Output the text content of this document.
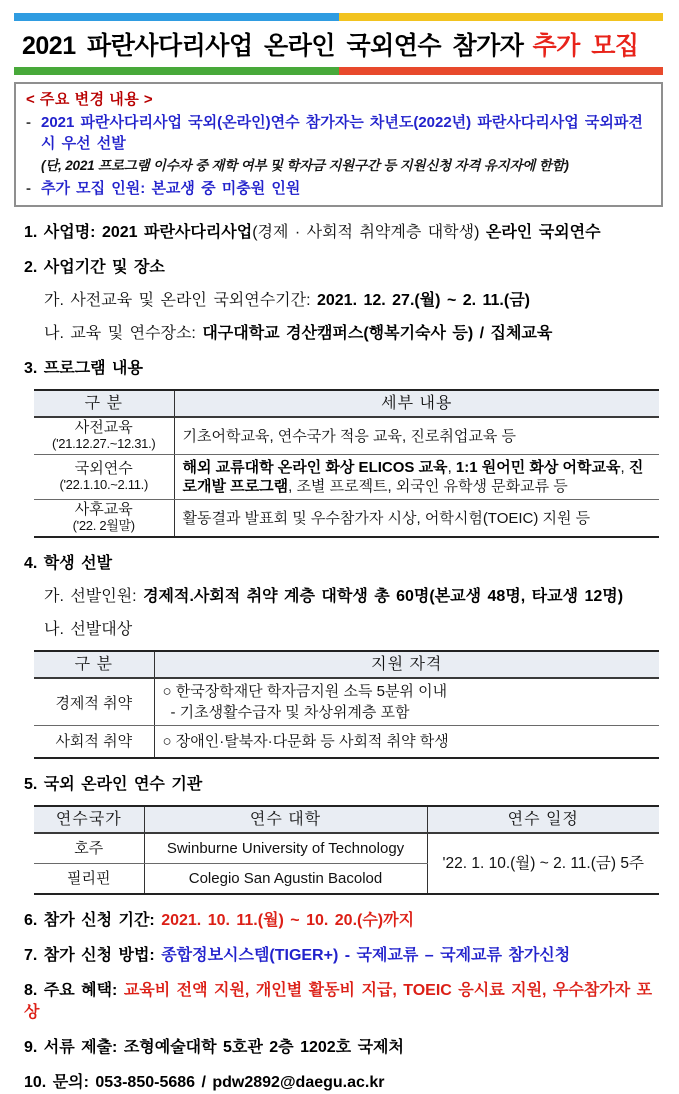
2021 파란사다리사업 온라인 국외연수 참가자 추가 모집
< 주요 변경 내용 >
- 2021 파란사다리사업 국외(온라인)연수 참가자는 차년도(2022년) 파란사다리사업 국외파견 시 우선 선발
(단, 2021 프로그램 이수자 중 재학 여부 및 학자금 지원구간 등 지원신청 자격 유지자에 한함)
- 추가 모집 인원: 본교생 중 미충원 인원
1. 사업명: 2021 파란사다리사업(경제 · 사회적 취약계층 대학생) 온라인 국외연수
2. 사업기간 및 장소
가. 사전교육 및 온라인 국외연수기간: 2021. 12. 27.(월) ~ 2. 11.(금)
나. 교육 및 연수장소: 대구대학교 경산캠퍼스(행복기숙사 등) / 집체교육
3. 프로그램 내용
구 분	세부 내용

사전교육
('21.12.27.~12.31.)	기초어학교육, 연수국가 적응 교육, 진로취업교육 등

국외연수
('22.1.10.~2.11.)	해외 교류대학 온라인 화상 ELICOS 교육, 1:1 원어민 화상 어학교육, 진로개발 프로그램, 조별 프로젝트, 외국인 유학생 문화교류 등

사후교육
('22. 2월말)	활동결과 발표회 및 우수참가자 시상, 어학시험(TOEIC) 지원 등
4. 학생 선발
가. 선발인원: 경제적.사회적 취약 계층 대학생 총 60명(본교생 48명, 타교생 12명)
나. 선발대상
구 분	지원 자격
경제적 취약	○ 한국장학재단 학자금지원 소득 5분위 이내
- 기초생활수급자 및 차상위계층 포함

사회적 취약	○ 장애인·탈북자·다문화 등 사회적 취약 학생
5. 국외 온라인 연수 기관
연수국가	연수 대학	연수 일정
호주	Swinburne University of Technology	'22. 1. 10.(월) ~ 2. 11.(금) 5주
필리핀	Colegio San Agustin Bacolod	
6. 참가 신청 기간: 2021. 10. 11.(월) ~ 10. 20.(수)까지
7. 참가 신청 방법: 종합정보시스템(TIGER+) - 국제교류 – 국제교류 참가신청
8. 주요 혜택: 교육비 전액 지원, 개인별 활동비 지급, TOEIC 응시료 지원, 우수참가자 포상
9. 서류 제출: 조형예술대학 5호관 2층 1202호 국제처
10. 문의: 053-850-5686 / pdw2892@daegu.ac.kr
